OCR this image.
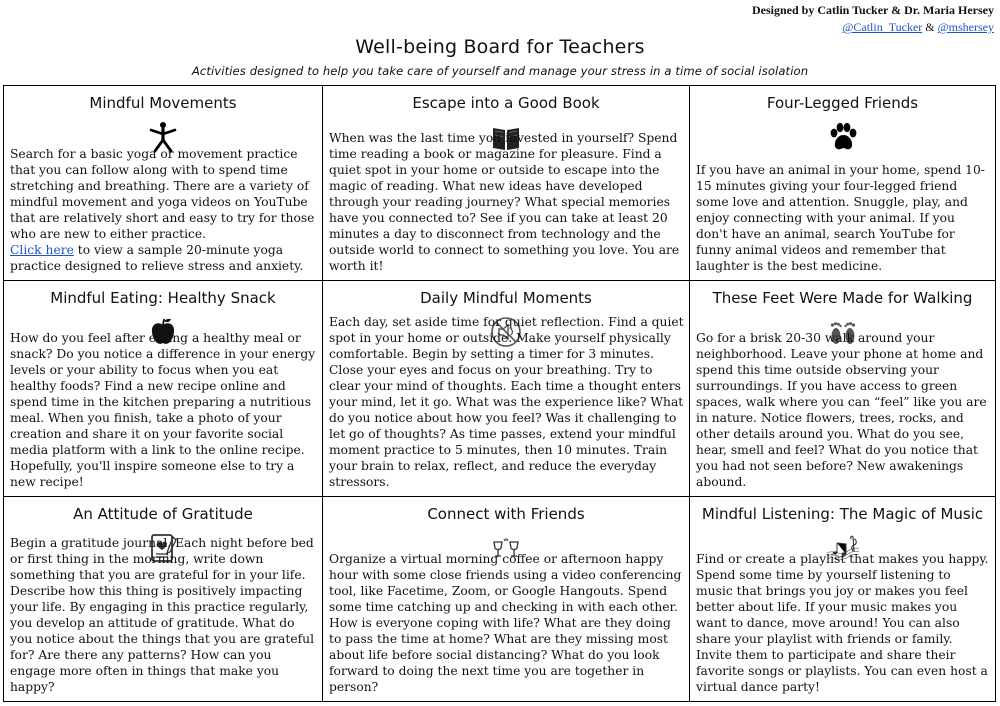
Designed by Catlin Tucker & Dr. Maria Hersey
@Catlin_Tucker & @mshersey
Well-being Board for Teachers
Activities designed to help you take care of yourself and manage your stress in a time of social isolation
Mindful Movements
Search for a basic yoga or movement practice that you can follow along with to spend time stretching and breathing. There are a variety of mindful movement and yoga videos on YouTube that are relatively short and easy to try for those who are new to either practice.
Click here to view a sample 20-minute yoga practice designed to relieve stress and anxiety.
Escape into a Good Book
When was the last time you invested in yourself? Spend time reading a book or magazine for pleasure. Find a quiet spot in your home or outside to escape into the magic of reading. What new ideas have developed through your reading journey? What special memories have you connected to? See if you can take at least 20 minutes a day to disconnect from technology and the outside world to connect to something you love. You are worth it!
Four-Legged Friends
If you have an animal in your home, spend 10-15 minutes giving your four-legged friend some love and attention. Snuggle, play, and enjoy connecting with your animal. If you don't have an animal, search YouTube for funny animal videos and remember that laughter is the best medicine.
Mindful Eating: Healthy Snack
How do you feel after eating a healthy meal or snack? Do you notice a difference in your energy levels or your ability to focus when you eat healthy foods? Find a new recipe online and spend time in the kitchen preparing a nutritious meal. When you finish, take a photo of your creation and share it on your favorite social media platform with a link to the online recipe. Hopefully, you'll inspire someone else to try a new recipe!
Daily Mindful Moments
Each day, set aside time for quiet reflection. Find a quiet spot in your home or outside. Make yourself physically comfortable. Begin by setting a timer for 3 minutes. Close your eyes and focus on your breathing. Try to clear your mind of thoughts. Each time a thought enters your mind, let it go. What was the experience like? What do you notice about how you feel? Was it challenging to let go of thoughts? As time passes, extend your mindful moment practice to 5 minutes, then 10 minutes. Train your brain to relax, reflect, and reduce the everyday stressors.
These Feet Were Made for Walking
Go for a brisk 20-30 walk around your neighborhood. Leave your phone at home and spend this time outside observing your surroundings. If you have access to green spaces, walk where you can “feel” like you are in nature. Notice flowers, trees, rocks, and other details around you. What do you see, hear, smell and feel? What do you notice that you had not seen before? New awakenings abound.
An Attitude of Gratitude
Begin a gratitude journal. Each night before bed or first thing in the morning, write down something that you are grateful for in your life. Describe how this thing is positively impacting your life. By engaging in this practice regularly, you develop an attitude of gratitude. What do you notice about the things that you are grateful for? Are there any patterns? How can you engage more often in things that make you happy?
Connect with Friends
Organize a virtual morning coffee or afternoon happy hour with some close friends using a video conferencing tool, like Facetime, Zoom, or Google Hangouts. Spend some time catching up and checking in with each other. How is everyone coping with life? What are they doing to pass the time at home? What are they missing most about life before social distancing? What do you look forward to doing the next time you are together in person?
Mindful Listening: The Magic of Music
Find or create a playlist that makes you happy. Spend some time by yourself listening to music that brings you joy or makes you feel better about life. If your music makes you want to dance, move around! You can also share your playlist with friends or family. Invite them to participate and share their favorite songs or playlists. You can even host a virtual dance party!
